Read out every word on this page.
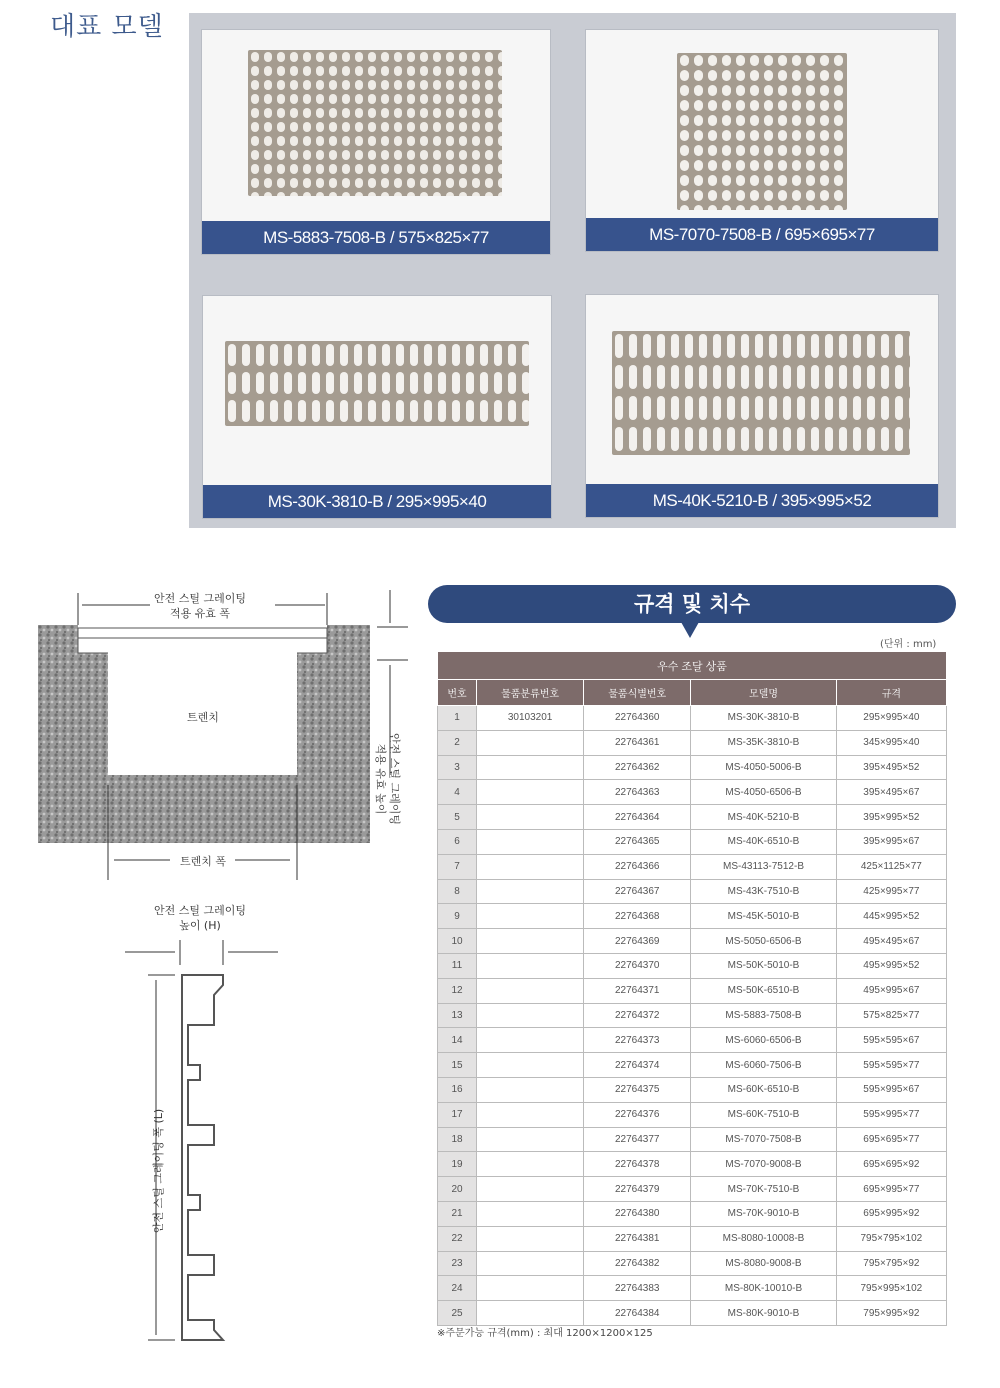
대표 모델
MS-5883-7508-B / 575×825×77	MS-7070-7508-B / 695×695×77
MS-30K-3810-B / 295×995×40	MS-40K-5210-B / 395×995×52
안전 스틸 그레이팅
적용 유효 폭
트렌치
트렌치 폭
안전 스틸 그레이팅
적용 유효 높이
안전 스틸 그레이팅
높이 (H)
안전 스틸 그레이팅 폭 (L)
규격 및 치수
(단위 : mm)
우수 조달 상품				
번호	물품분류번호	물품식별번호	모델명	규격
1	30103201	22764360	MS-30K-3810-B	295×995×40
2		22764361	MS-35K-3810-B	345×995×40
3		22764362	MS-4050-5006-B	395×495×52
4		22764363	MS-4050-6506-B	395×495×67
5		22764364	MS-40K-5210-B	395×995×52
6		22764365	MS-40K-6510-B	395×995×67
7		22764366	MS-43113-7512-B	425×1125×77
8		22764367	MS-43K-7510-B	425×995×77
9		22764368	MS-45K-5010-B	445×995×52
10		22764369	MS-5050-6506-B	495×495×67
11		22764370	MS-50K-5010-B	495×995×52
12		22764371	MS-50K-6510-B	495×995×67
13		22764372	MS-5883-7508-B	575×825×77
14		22764373	MS-6060-6506-B	595×595×67
15		22764374	MS-6060-7506-B	595×595×77
16		22764375	MS-60K-6510-B	595×995×67
17		22764376	MS-60K-7510-B	595×995×77
18		22764377	MS-7070-7508-B	695×695×77
19		22764378	MS-7070-9008-B	695×695×92
20		22764379	MS-70K-7510-B	695×995×77
21		22764380	MS-70K-9010-B	695×995×92
22		22764381	MS-8080-10008-B	795×795×102
23		22764382	MS-8080-9008-B	795×795×92
24		22764383	MS-80K-10010-B	795×995×102
25		22764384	MS-80K-9010-B	795×995×92
※주문가능 규격(mm) : 최대 1200×1200×125
